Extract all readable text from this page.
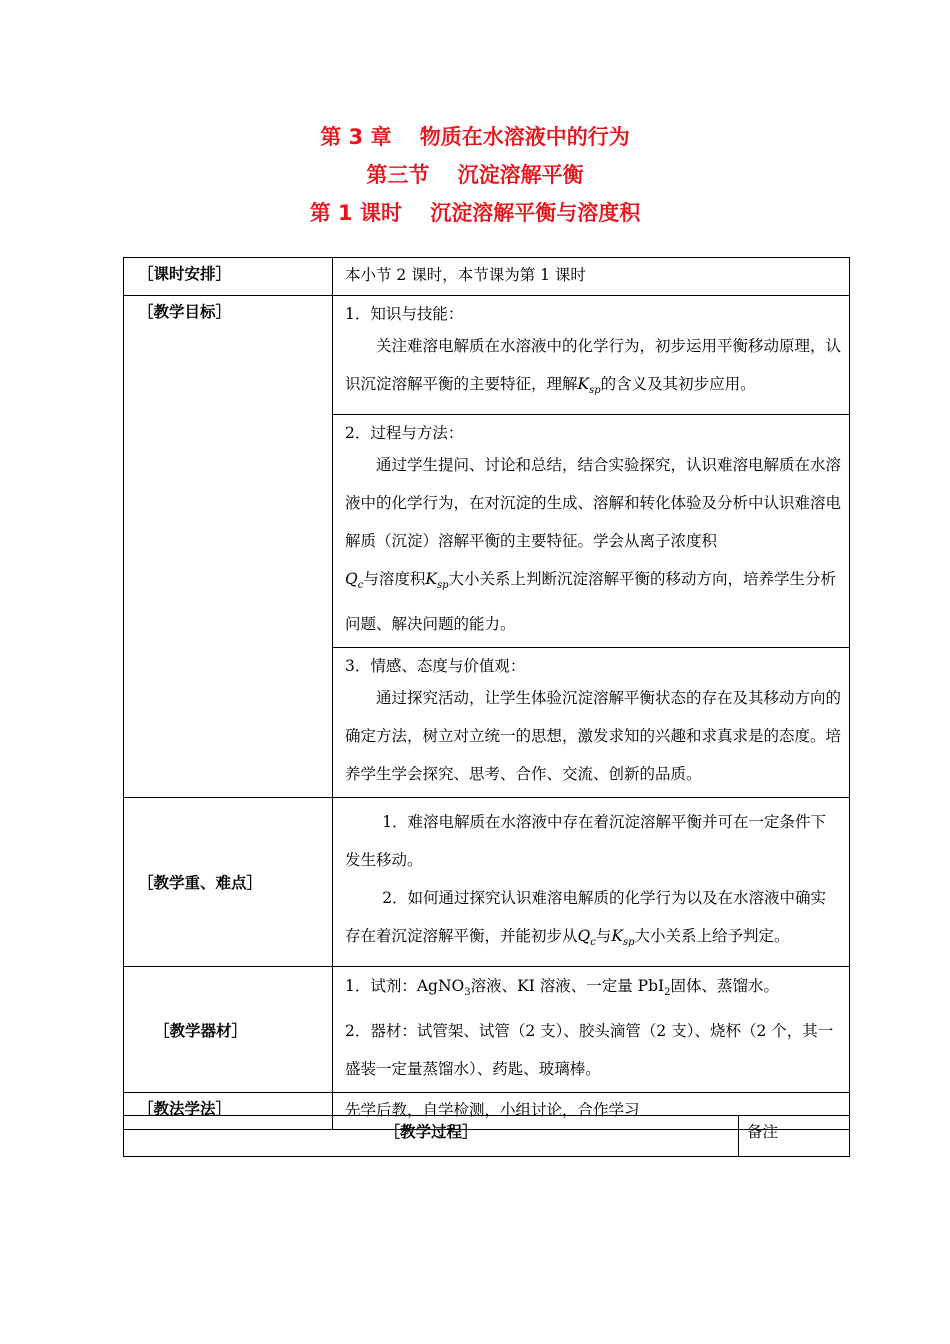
第 3 章　 物质在水溶液中的行为
第三节　 沉淀溶解平衡
第 1 课时　 沉淀溶解平衡与溶度积
［课时安排］	本小节 2 课时，本节课为第 1 课时
［教学目标］	1．知识与技能：
关注难溶电解质在水溶液中的化学行为，初步运用平衡移动原理，认识沉淀溶解平衡的主要特征，理解$K_{sp}$的含义及其初步应用。

	2．过程与方法：
通过学生提问、讨论和总结，结合实验探究，认识难溶电解质在水溶液中的化学行为，在对沉淀的生成、溶解和转化体验及分析中认识难溶电解质（沉淀）溶解平衡的主要特征。学会从离子浓度积
$Q_c$与溶度积$K_{sp}$大小关系上判断沉淀溶解平衡的移动方向，培养学生分析问题、解决问题的能力。

	3．情感、态度与价值观：
通过探究活动，让学生体验沉淀溶解平衡状态的存在及其移动方向的确定方法，树立对立统一的思想，激发求知的兴趣和求真求是的态度。培养学生学会探究、思考、合作、交流、创新的品质。

［教学重、难点］	1．难溶电解质在水溶液中存在着沉淀溶解平衡并可在一定条件下发生移动。
2．如何通过探究认识难溶电解质的化学行为以及在水溶液中确实存在着沉淀溶解平衡，并能初步从$Q_c$与$K_{sp}$大小关系上给予判定。

［教学器材］	1．试剂：AgNO$_3$溶液、KI 溶液、一定量 PbI$_2$固体、蒸馏水。
2．器材：试管架、试管（2 支）、胶头滴管（2 支）、烧杯（2 个，其一盛装一定量蒸馏水）、药匙、玻璃棒。

［教法学法］	先学后教，自学检测，小组讨论，合作学习
［教学过程］	备注
